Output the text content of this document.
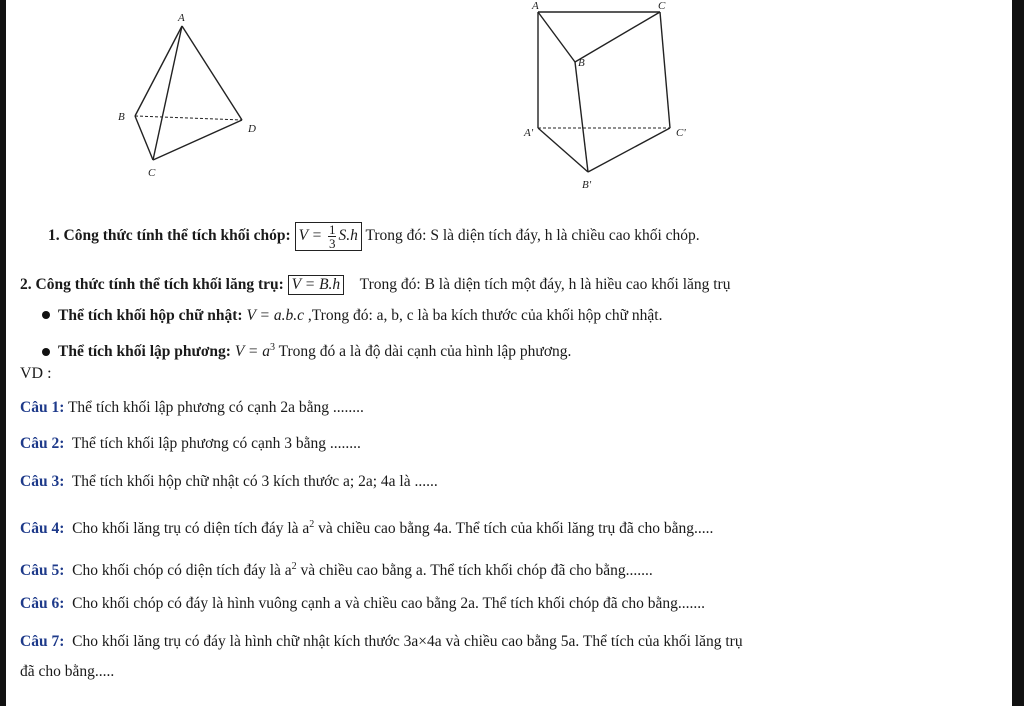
A
B
C
D
A	C
B
A'	C'
B'
1. Công thức tính thể tích khối chóp: $V = \frac{1}{3} S.h$ Trong đó: S là diện tích đáy, h là chiều cao khối chóp.
2. Công thức tính thể tích khối lăng trụ: V = B.h Trong đó: B là diện tích một đáy, h là hiều cao khối lăng trụ
Thể tích khối hộp chữ nhật: V = a.b.c ,Trong đó: a, b, c là ba kích thước của khối hộp chữ nhật.
Thể tích khối lập phương: $V = a^3$ Trong đó a là độ dài cạnh của hình lập phương.
VD :
Câu 1: Thể tích khối lập phương có cạnh 2a bằng ........
Câu 2: Thể tích khối lập phương có cạnh 3 bằng ........
Câu 3: Thể tích khối hộp chữ nhật có 3 kích thước a; 2a; 4a là ......
Câu 4: Cho khối lăng trụ có diện tích đáy là $a^2$ và chiều cao bằng 4a. Thể tích của khối lăng trụ đã cho bằng.....
Câu 5: Cho khối chóp có diện tích đáy là $a^2$ và chiều cao bằng a. Thể tích khối chóp đã cho bằng.......
Câu 6: Cho khối chóp có đáy là hình vuông cạnh a và chiều cao bằng 2a. Thể tích khối chóp đã cho bằng.......
Câu 7: Cho khối lăng trụ có đáy là hình chữ nhật kích thước 3a×4a và chiều cao bằng 5a. Thể tích của khối lăng trụ
đã cho bằng.....
